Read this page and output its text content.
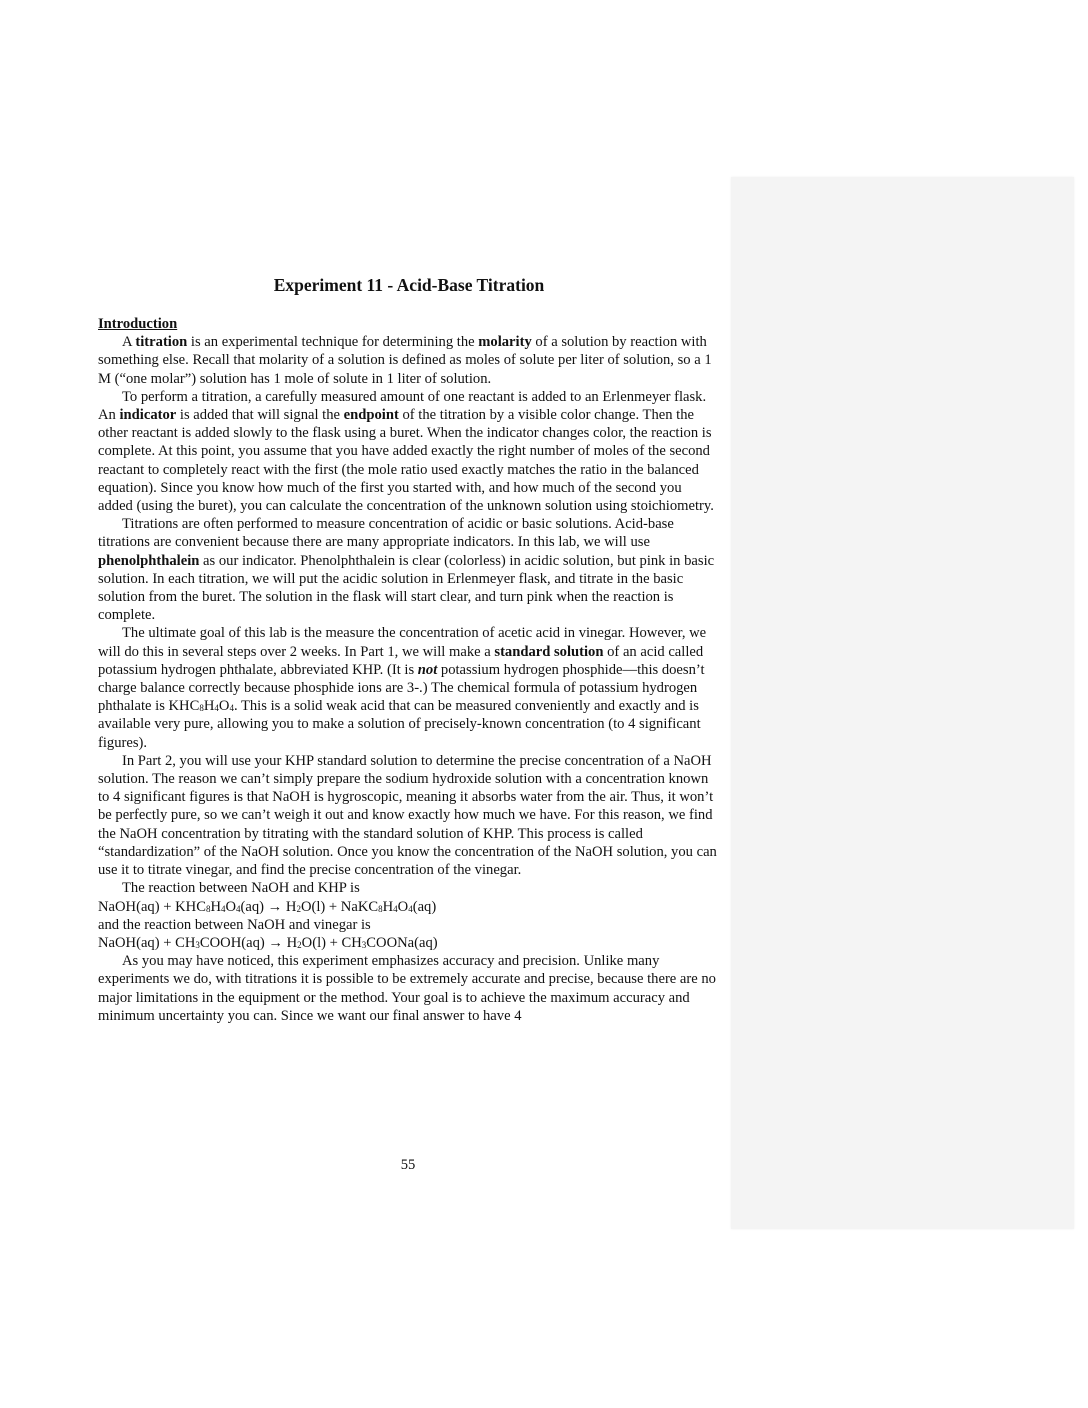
Experiment 11 - Acid-Base Titration
Introduction

A titration is an experimental technique for determining the molarity of a solution by reaction with something else. Recall that molarity of a solution is defined as moles of solute per liter of solution, so a 1 M (“one molar”) solution has 1 mole of solute in 1 liter of solution.

To perform a titration, a carefully measured amount of one reactant is added to an Erlenmeyer flask. An indicator is added that will signal the endpoint of the titration by a visible color change. Then the other reactant is added slowly to the flask using a buret. When the indicator changes color, the reaction is complete. At this point, you assume that you have added exactly the right number of moles of the second reactant to completely react with the first (the mole ratio used exactly matches the ratio in the balanced equation). Since you know how much of the first you started with, and how much of the second you added (using the buret), you can calculate the concentration of the unknown solution using stoichiometry.

Titrations are often performed to measure concentration of acidic or basic solutions. Acid-base titrations are convenient because there are many appropriate indicators. In this lab, we will use phenolphthalein as our indicator. Phenolphthalein is clear (colorless) in acidic solution, but pink in basic solution. In each titration, we will put the acidic solution in Erlenmeyer flask, and titrate in the basic solution from the buret. The solution in the flask will start clear, and turn pink when the reaction is complete.

The ultimate goal of this lab is the measure the concentration of acetic acid in vinegar. However, we will do this in several steps over 2 weeks. In Part 1, we will make a standard solution of an acid called potassium hydrogen phthalate, abbreviated KHP. (It is not potassium hydrogen phosphide—this doesn’t charge balance correctly because phosphide ions are 3-.) The chemical formula of potassium hydrogen phthalate is $KHC_8H_4O_4$. This is a solid weak acid that can be measured conveniently and exactly and is available very pure, allowing you to make a solution of precisely-known concentration (to 4 significant figures).

In Part 2, you will use your KHP standard solution to determine the precise concentration of a NaOH solution. The reason we can’t simply prepare the sodium hydroxide solution with a concentration known to 4 significant figures is that NaOH is hygroscopic, meaning it absorbs water from the air. Thus, it won’t be perfectly pure, so we can’t weigh it out and know exactly how much we have. For this reason, we find the NaOH concentration by titrating with the standard solution of KHP. This process is called “standardization” of the NaOH solution. Once you know the concentration of the NaOH solution, you can use it to titrate vinegar, and find the precise concentration of the vinegar.

The reaction between NaOH and KHP is

NaOH(aq) + $KHC_8H_4O_4(aq) \to H_2O(l)$ + $NaKC_8H_4O_4(aq)$

and the reaction between NaOH and vinegar is

NaOH(aq) + $CH_3COOH(aq) \to H_2O(l)$ + $CH_3COONa(aq)$

As you may have noticed, this experiment emphasizes accuracy and precision. Unlike many experiments we do, with titrations it is possible to be extremely accurate and precise, because there are no major limitations in the equipment or the method. Your goal is to achieve the maximum accuracy and minimum uncertainty you can. Since we want our final answer to have 4

55
